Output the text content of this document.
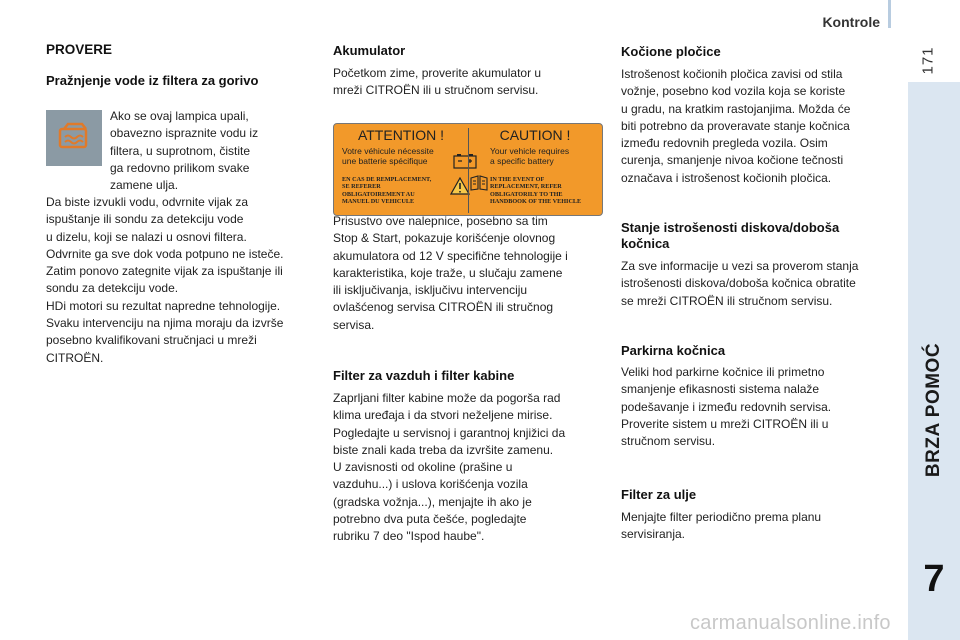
Kontrole
171
BRZA POMOĆ
7
carmanualsonline.info
PROVERE
Pražnjenje vode iz filtera za gorivo

Ako se ovaj lampica upali,

obavezno ispraznite vodu iz

filtera, u suprotnom, čistite

ga redovno prilikom svake

zamene ulja.

Da biste izvukli vodu, odvrnite vijak za

ispuštanje ili sondu za detekciju vode

u dizelu, koji se nalazi u osnovi filtera.

Odvrnite ga sve dok voda potpuno ne isteče.

Zatim ponovo zategnite vijak za ispuštanje ili

sondu za detekciju vode.

HDi motori su rezultat napredne tehnologije.

Svaku intervenciju na njima moraju da izvrše

posebno kvalifikovani stručnjaci u mreži

CITROËN.

Akumulator

Početkom zime, proverite akumulator u

mreži CITROËN ili u stručnom servisu.

ATTENTION !
Votre véhicule nécessite
une batterie spécifique
EN CAS DE REMPLACEMENT,
SE REFERER
OBLIGATOIREMENT AU
MANUEL DU VEHICULE
CAUTION !
Your vehicle requires
a specific battery
IN THE EVENT OF
REPLACEMENT, REFER
OBLIGATORILY TO THE
HANDBOOK OF THE VEHICLE

Prisustvo ove nalepnice, posebno sa tim

Stop & Start, pokazuje korišćenje olovnog

akumulatora od 12 V specifične tehnologije i

karakteristika, koje traže, u slučaju zamene

ili isključivanja, isključivu intervenciju

ovlašćenog servisa CITROËN ili stručnog

servisa.

Filter za vazduh i filter kabine

Zaprljani filter kabine može da pogorša rad

klima uređaja i da stvori neželjene mirise.

Pogledajte u servisnoj i garantnoj knjižici da

biste znali kada treba da izvršite zamenu.

U zavisnosti od okoline (prašine u

vazduhu...) i uslova korišćenja vozila

(gradska vožnja...), menjajte ih ako je

potrebno dva puta češće, pogledajte

rubriku 7 deo "Ispod haube".

Kočione pločice

Istrošenost kočionih pločica zavisi od stila

vožnje, posebno kod vozila koja se koriste

u gradu, na kratkim rastojanjima. Možda će

biti potrebno da proveravate stanje kočnica

između redovnih pregleda vozila. Osim

curenja, smanjenje nivoa kočione tečnosti

označava i istrošenost kočionih pločica.

Stanje istrošenosti diskova/doboša
kočnica

Za sve informacije u vezi sa proverom stanja

istrošenosti diskova/doboša kočnica obratite

se mreži CITROËN ili stručnom servisu.

Parkirna kočnica

Veliki hod parkirne kočnice ili primetno

smanjenje efikasnosti sistema nalaže

podešavanje i između redovnih servisa.

Proverite sistem u mreži CITROËN ili u

stručnom servisu.

Filter za ulje

Menjajte filter periodično prema planu

servisiranja.
